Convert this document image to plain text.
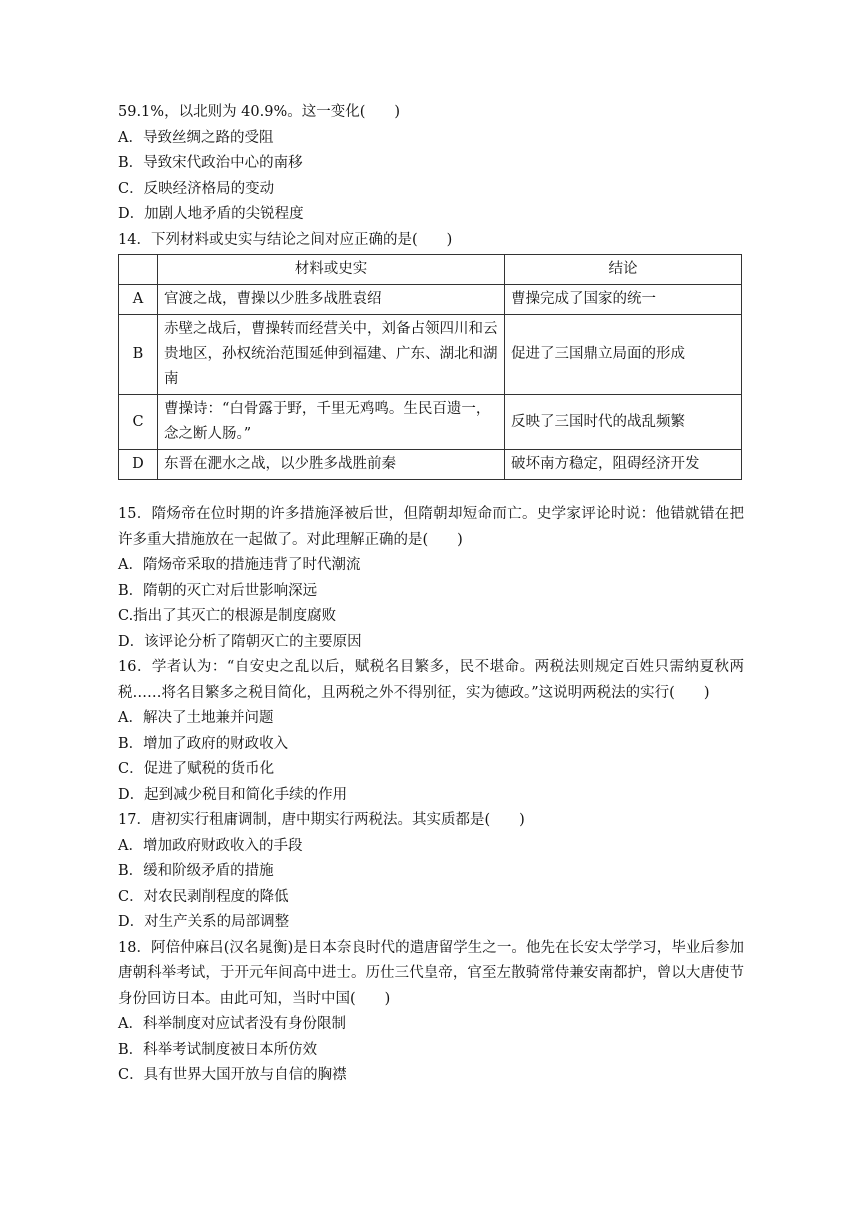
59.1%，以北则为 40.9%。这一变化(　　)
A．导致丝绸之路的受阻
B．导致宋代政治中心的南移
C．反映经济格局的变动
D．加剧人地矛盾的尖锐程度
14．下列材料或史实与结论之间对应正确的是(　　)
	材料或史实	结论
A	官渡之战，曹操以少胜多战胜袁绍	曹操完成了国家的统一
B	赤壁之战后，曹操转而经营关中，刘备占领四川和云贵地区，孙权统治范围延伸到福建、广东、湖北和湖南	促进了三国鼎立局面的形成
C	曹操诗：“白骨露于野，千里无鸡鸣。生民百遗一，念之断人肠。”	反映了三国时代的战乱频繁
D	东晋在淝水之战，以少胜多战胜前秦	破坏南方稳定，阻碍经济开发

15．隋炀帝在位时期的许多措施泽被后世，但隋朝却短命而亡。史学家评论时说：他错就错在把许多重大措施放在一起做了。对此理解正确的是(　　)

A．隋炀帝采取的措施违背了时代潮流
B．隋朝的灭亡对后世影响深远
C.指出了其灭亡的根源是制度腐败
D．该评论分析了隋朝灭亡的主要原因

16．学者认为：“自安史之乱以后，赋税名目繁多，民不堪命。两税法则规定百姓只需纳夏秋两税……将名目繁多之税目简化，且两税之外不得别征，实为德政。”这说明两税法的实行(　　)

A．解决了土地兼并问题
B．增加了政府的财政收入
C．促进了赋税的货币化
D．起到减少税目和简化手续的作用

17．唐初实行租庸调制，唐中期实行两税法。其实质都是(　　)

A．增加政府财政收入的手段
B．缓和阶级矛盾的措施
C．对农民剥削程度的降低
D．对生产关系的局部调整

18．阿倍仲麻吕(汉名晁衡)是日本奈良时代的遣唐留学生之一。他先在长安太学学习，毕业后参加唐朝科举考试，于开元年间高中进士。历仕三代皇帝，官至左散骑常侍兼安南都护，曾以大唐使节身份回访日本。由此可知，当时中国(　　)

A．科举制度对应试者没有身份限制
B．科举考试制度被日本所仿效
C．具有世界大国开放与自信的胸襟
